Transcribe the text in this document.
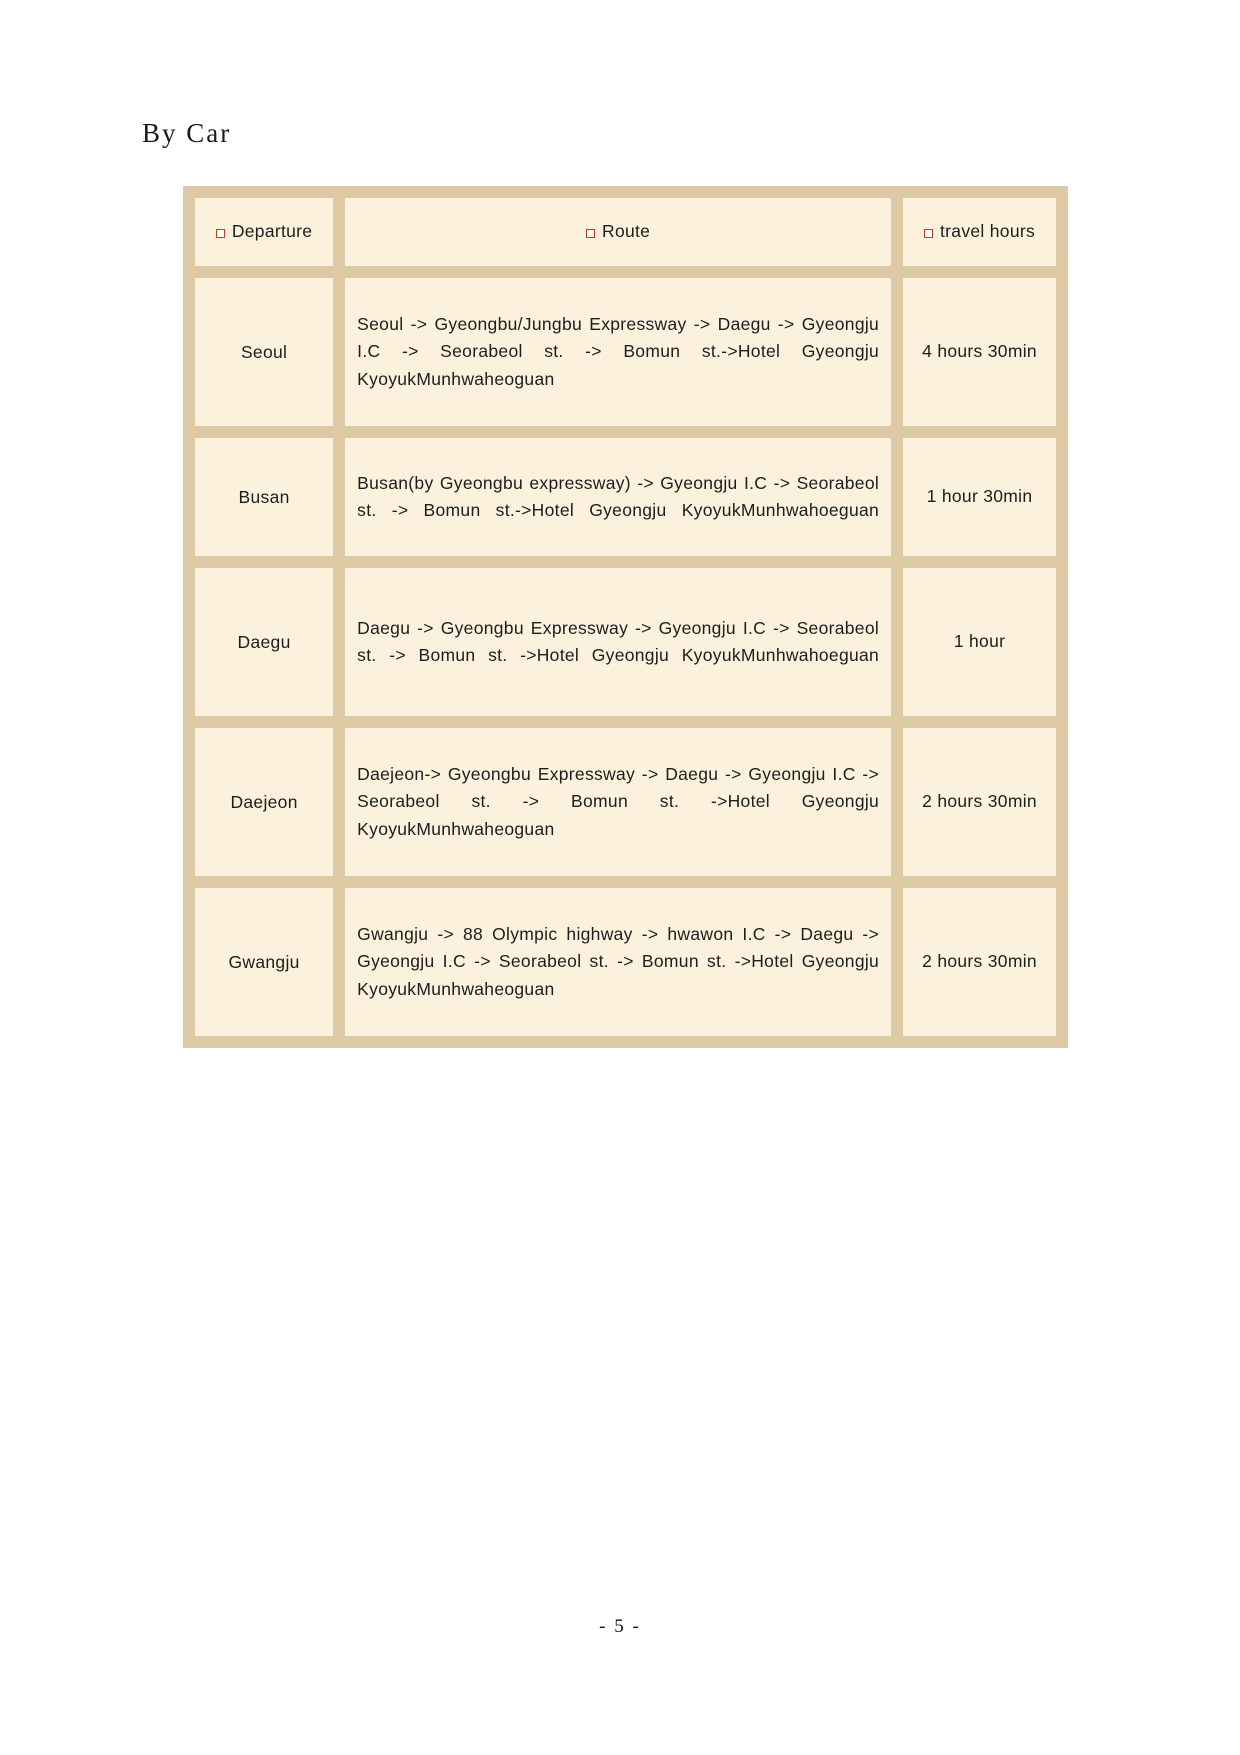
By Car
Departure	Route	travel hours

Seoul	Seoul -> Gyeongbu/Jungbu Expressway -> Daegu -> Gyeongju I.C -> Seorabeol st. -> Bomun st.->Hotel Gyeongju KyoyukMunhwaheoguan	4 hours 30min
Busan	Busan(by Gyeongbu expressway) -> Gyeongju I.C -> Seorabeol st. -> Bomun st.->Hotel Gyeongju KyoyukMunhwahoeguan	1 hour 30min
Daegu	Daegu -> Gyeongbu Expressway -> Gyeongju I.C -> Seorabeol st. -> Bomun st. ->Hotel Gyeongju KyoyukMunhwahoeguan	1 hour
Daejeon	Daejeon-> Gyeongbu Expressway -> Daegu -> Gyeongju I.C -> Seorabeol st. -> Bomun st. ->Hotel Gyeongju KyoyukMunhwaheoguan	2 hours 30min
Gwangju	Gwangju -> 88 Olympic highway -> hwawon I.C -> Daegu -> Gyeongju I.C -> Seorabeol st. -> Bomun st. ->Hotel Gyeongju KyoyukMunhwaheoguan	2 hours 30min
- 5 -
